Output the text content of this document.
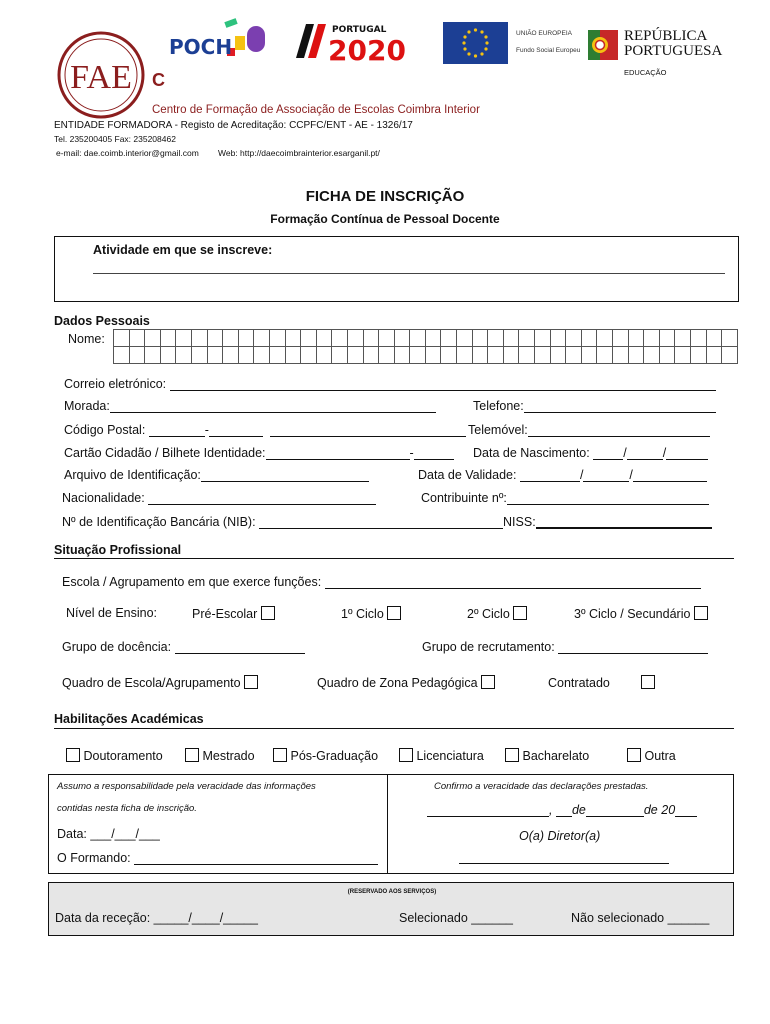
FAE C
POCH
PORTUGAL
2020
UNIÃO EUROPEIA
Fundo Social Europeu
REPÚBLICA
PORTUGUESA
EDUCAÇÃO
Centro de Formação de Associação de Escolas Coimbra Interior
ENTIDADE FORMADORA - Registo de Acreditação: CCPFC/ENT - AE - 1326/17
Tel. 235200405 Fax: 235208462
e-mail: dae.coimb.interior@gmail.com Web: http://daecoimbrainterior.esarganil.pt/
FICHA DE INSCRIÇÃO
Formação Contínua de Pessoal Docente
Atividade em que se inscreve:
Dados Pessoais
Nome:

Correio eletrónico:
Morada:	Telefone:
Código Postal:	-	Telemóvel:
Cartão Cidadão / Bilhete Identidade:	-	Data de Nascimento:	/	/
Arquivo de Identificação:	Data de Validade:	/	/
Nacionalidade:	Contribuinte nº:
Nº de Identificação Bancária (NIB):	NISS:
Situação Profissional
Escola / Agrupamento em que exerce funções:
Nível de Ensino:	Pré-Escolar	1º Ciclo	2º Ciclo	3º Ciclo / Secundário
Grupo de docência:	Grupo de recrutamento:
Quadro de Escola/Agrupamento	Quadro de Zona Pedagógica	Contratado
Habilitações Académicas
Doutoramento	Mestrado	Pós-Graduação	Licenciatura	Bacharelato	Outra
Assumo a responsabilidade pela veracidade das informações
contidas nesta ficha de inscrição.
Data: ___/___/___
O Formando:
Confirmo a veracidade das declarações prestadas.
, de	de 20
O(a) Diretor(a)
(RESERVADO AOS SERVIÇOS)
Data da receção: _____/____/_____	Selecionado ______	Não selecionado ______
